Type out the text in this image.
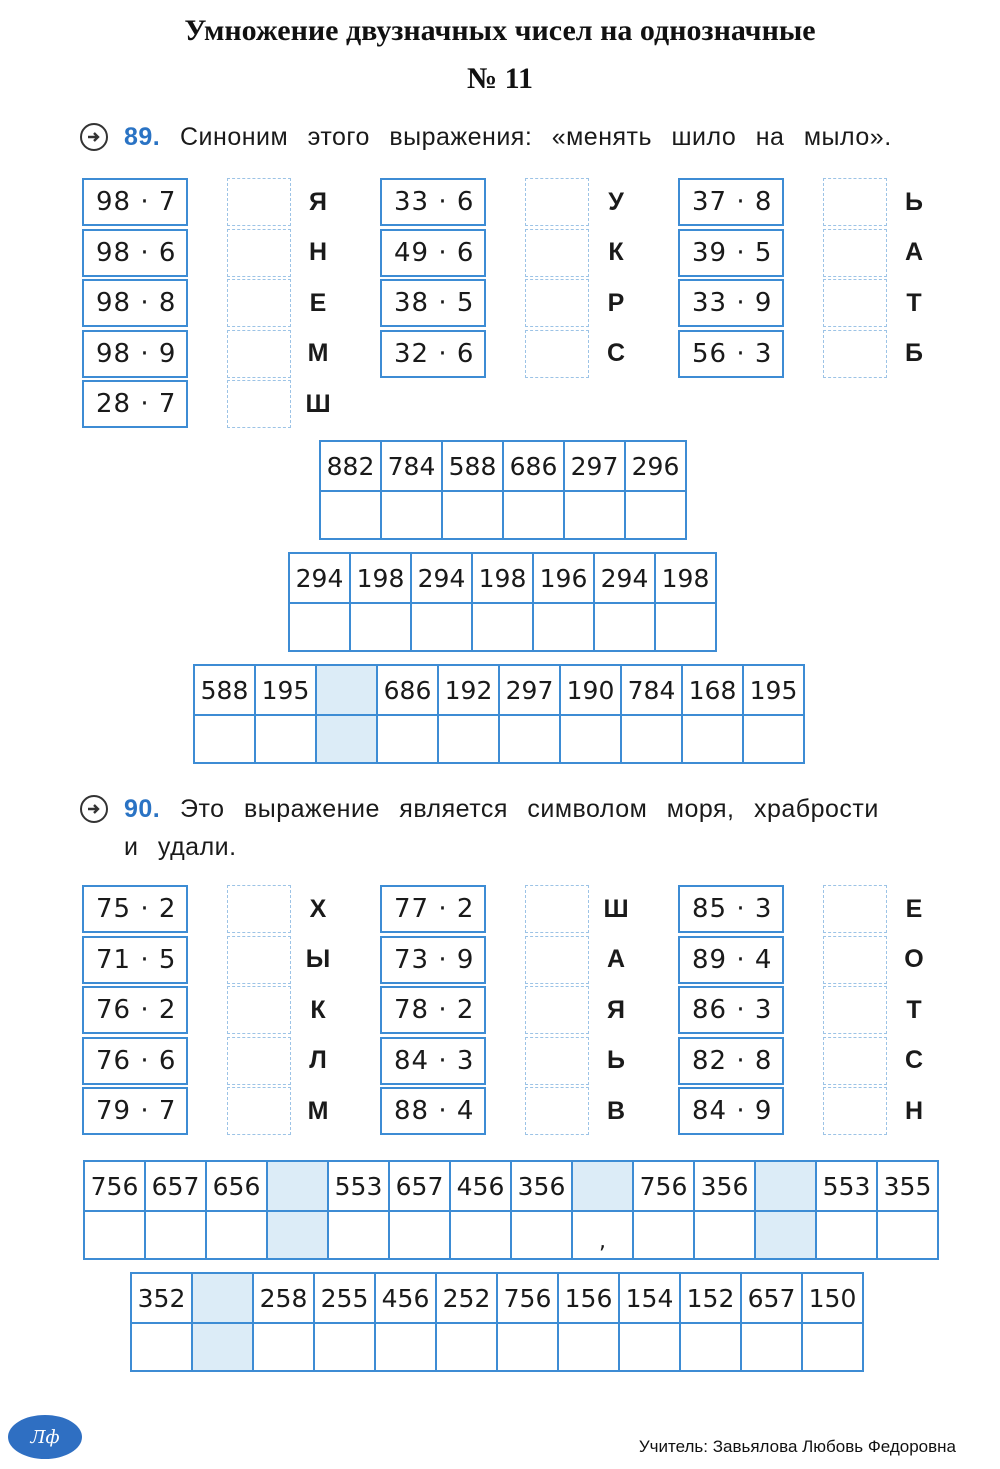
Умножение двузначных чисел на однозначные
№ 11
89. Синоним этого выражения: «менять шило на мыло».
98 · 7	Я
98 · 6	Н
98 · 8	Е
98 · 9	М
28 · 7	Ш
33 · 6	У
49 · 6	К
38 · 5	Р
32 · 6	С
37 · 8	Ь
39 · 5	А
33 · 9	Т
56 · 3	Б
882	784	588	686	297	296

294	198	294	198	196	294	198

588	195		686	192	297	190	784	168	195

90. Это выражение является символом моря, храбрости
и удали.
75 · 2	Х
71 · 5	Ы
76 · 2	К
76 · 6	Л
79 · 7	М
77 · 2	Ш
73 · 9	А
78 · 2	Я
84 · 3	Ь
88 · 4	В
85 · 3	Е
89 · 4	О
86 · 3	Т
82 · 8	С
84 · 9	Н
756	657	656		553	657	456	356		756	356		553	355
								,					
352		258	255	456	252	756	156	154	152	657	150

Лф	Учитель: Завьялова Любовь Федоровна
